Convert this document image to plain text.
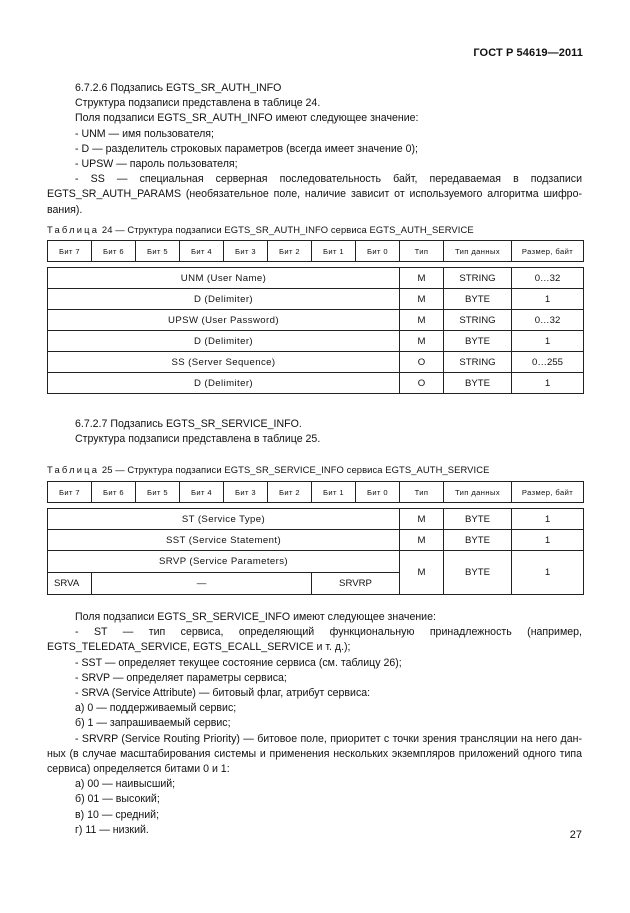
ГОСТ Р 54619—2011

6.7.2.6 Подзапись EGTS_SR_AUTH_INFO

Структура подзаписи представлена в таблице 24.

Поля подзаписи EGTS_SR_AUTH_INFO имеют следующее значение:

- UNM — имя пользователя;

- D — разделитель строковых параметров (всегда имеет значение 0);

- UPSW — пароль пользователя;

- SS — специальная серверная последовательность байт, передаваемая в подзаписи

EGTS_SR_AUTH_PARAMS (необязательное поле, наличие зависит от используемого алгоритма шифро-

вания).

Таблица 24 — Структура подзаписи EGTS_SR_AUTH_INFO сервиса EGTS_AUTH_SERVICE
Бит 7	Бит 6	Бит 5	Бит 4	Бит 3	Бит 2	Бит 1	Бит 0	Тип	Тип данных	Размер, байт

UNM (User Name)								M	STRING	0…32
D (Delimiter)								M	BYTE	1
UPSW (User Password)								M	STRING	0…32
D (Delimiter)								M	BYTE	1
SS (Server Sequence)								O	STRING	0…255
D (Delimiter)								O	BYTE	1

6.7.2.7 Подзапись EGTS_SR_SERVICE_INFO.

Структура подзаписи представлена в таблице 25.

Таблица 25 — Структура подзаписи EGTS_SR_SERVICE_INFO сервиса EGTS_AUTH_SERVICE
Бит 7	Бит 6	Бит 5	Бит 4	Бит 3	Бит 2	Бит 1	Бит 0	Тип	Тип данных	Размер, байт

ST (Service Type)								M	BYTE	1
SST (Service Statement)								M	BYTE	1
SRVP (Service Parameters)								M	BYTE	1
SRVA	—					SRVRP				

Поля подзаписи EGTS_SR_SERVICE_INFO имеют следующее значение:

- ST — тип сервиса, определяющий функциональную принадлежность (например,

EGTS_TELEDATA_SERVICE, EGTS_ECALL_SERVICE и т. д.);

- SST — определяет текущее состояние сервиса (см. таблицу 26);

- SRVP — определяет параметры сервиса;

- SRVA (Service Attribute) — битовый флаг, атрибут сервиса:

а) 0 — поддерживаемый сервис;

б) 1 — запрашиваемый сервис;

- SRVRP (Service Routing Priority) — битовое поле, приоритет с точки зрения трансляции на него дан-

ных (в случае масштабирования системы и применения нескольких экземпляров приложений одного типа

сервиса) определяется битами 0 и 1:

а) 00 — наивысший;

б) 01 — высокий;

в) 10 — средний;

г) 11 — низкий.	27
